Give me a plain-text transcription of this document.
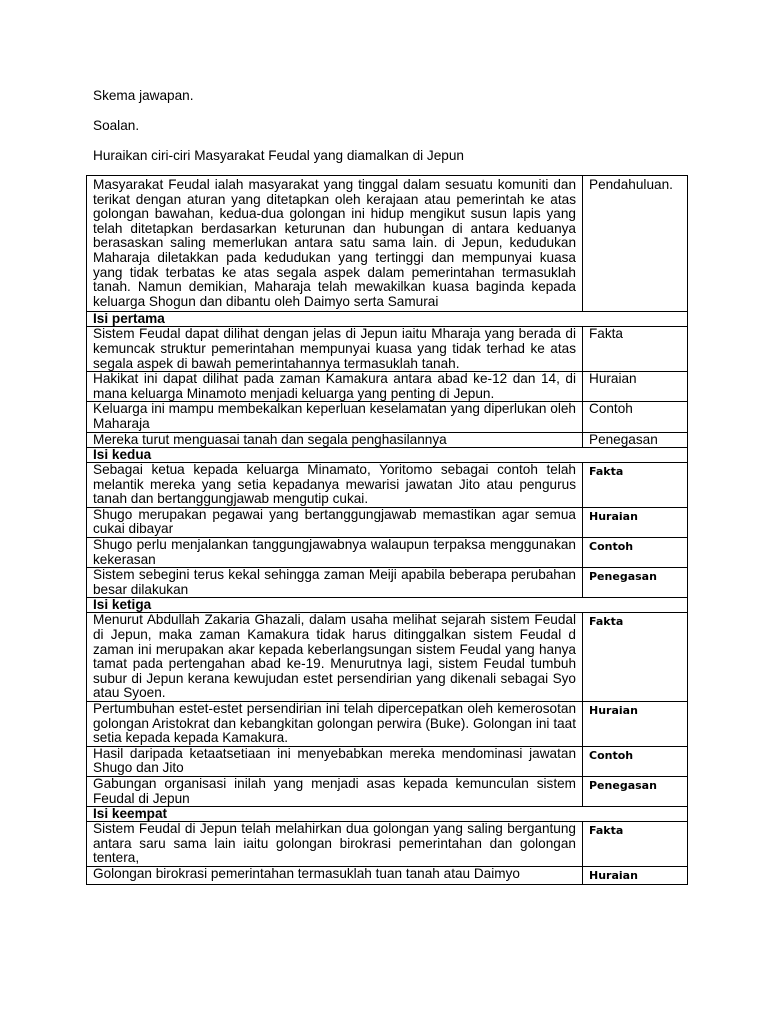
Skema jawapan.

Soalan.

Huraikan ciri-ciri Masyarakat Feudal yang diamalkan di Jepun

Masyarakat Feudal ialah masyarakat yang tinggal dalam sesuatu komuniti dan terikat dengan aturan yang ditetapkan oleh kerajaan atau pemerintah ke atas golongan bawahan, kedua-dua golongan ini hidup mengikut susun lapis yang telah ditetapkan berdasarkan keturunan dan hubungan di antara keduanya berasaskan saling memerlukan antara satu sama lain. di Jepun, kedudukan Maharaja diletakkan pada kedudukan yang tertinggi dan mempunyai kuasa yang tidak terbatas ke atas segala aspek dalam pemerintahan termasuklah tanah. Namun demikian, Maharaja telah mewakilkan kuasa baginda kepada keluarga Shogun dan dibantu oleh Daimyo serta Samurai	Pendahuluan.
Isi pertama	
Sistem Feudal dapat dilihat dengan jelas di Jepun iaitu Mharaja yang berada di kemuncak struktur pemerintahan mempunyai kuasa yang tidak terhad ke atas segala aspek di bawah pemerintahannya termasuklah tanah.	Fakta
Hakikat ini dapat dilihat pada zaman Kamakura antara abad ke-12 dan 14, di mana keluarga Minamoto menjadi keluarga yang penting di Jepun.	Huraian
Keluarga ini mampu membekalkan keperluan keselamatan yang diperlukan oleh Maharaja	Contoh
Mereka turut menguasai tanah dan segala penghasilannya	Penegasan
Isi kedua	
Sebagai ketua kepada keluarga Minamato, Yoritomo sebagai contoh telah melantik mereka yang setia kepadanya mewarisi jawatan Jito atau pengurus tanah dan bertanggungjawab mengutip cukai.	Fakta
Shugo merupakan pegawai yang bertanggungjawab memastikan agar semua cukai dibayar	Huraian
Shugo perlu menjalankan tanggungjawabnya walaupun terpaksa menggunakan kekerasan	Contoh
Sistem sebegini terus kekal sehingga zaman Meiji apabila beberapa perubahan besar dilakukan	Penegasan
Isi ketiga	
Menurut Abdullah Zakaria Ghazali, dalam usaha melihat sejarah sistem Feudal di Jepun, maka zaman Kamakura tidak harus ditinggalkan sistem Feudal d zaman ini merupakan akar kepada keberlangsungan sistem Feudal yang hanya tamat pada pertengahan abad ke-19. Menurutnya lagi, sistem Feudal tumbuh subur di Jepun kerana kewujudan estet persendirian yang dikenali sebagai Syo atau Syoen.	Fakta
Pertumbuhan estet-estet persendirian ini telah dipercepatkan oleh kemerosotan golongan Aristokrat dan kebangkitan golongan perwira (Buke). Golongan ini taat setia kepada kepada Kamakura.	Huraian
Hasil daripada ketaatsetiaan ini menyebabkan mereka mendominasi jawatan Shugo dan Jito	Contoh
Gabungan organisasi inilah yang menjadi asas kepada kemunculan sistem Feudal di Jepun	Penegasan
Isi keempat	
Sistem Feudal di Jepun telah melahirkan dua golongan yang saling bergantung antara saru sama lain iaitu golongan birokrasi pemerintahan dan golongan tentera,	Fakta
Golongan birokrasi pemerintahan termasuklah tuan tanah atau Daimyo	Huraian
